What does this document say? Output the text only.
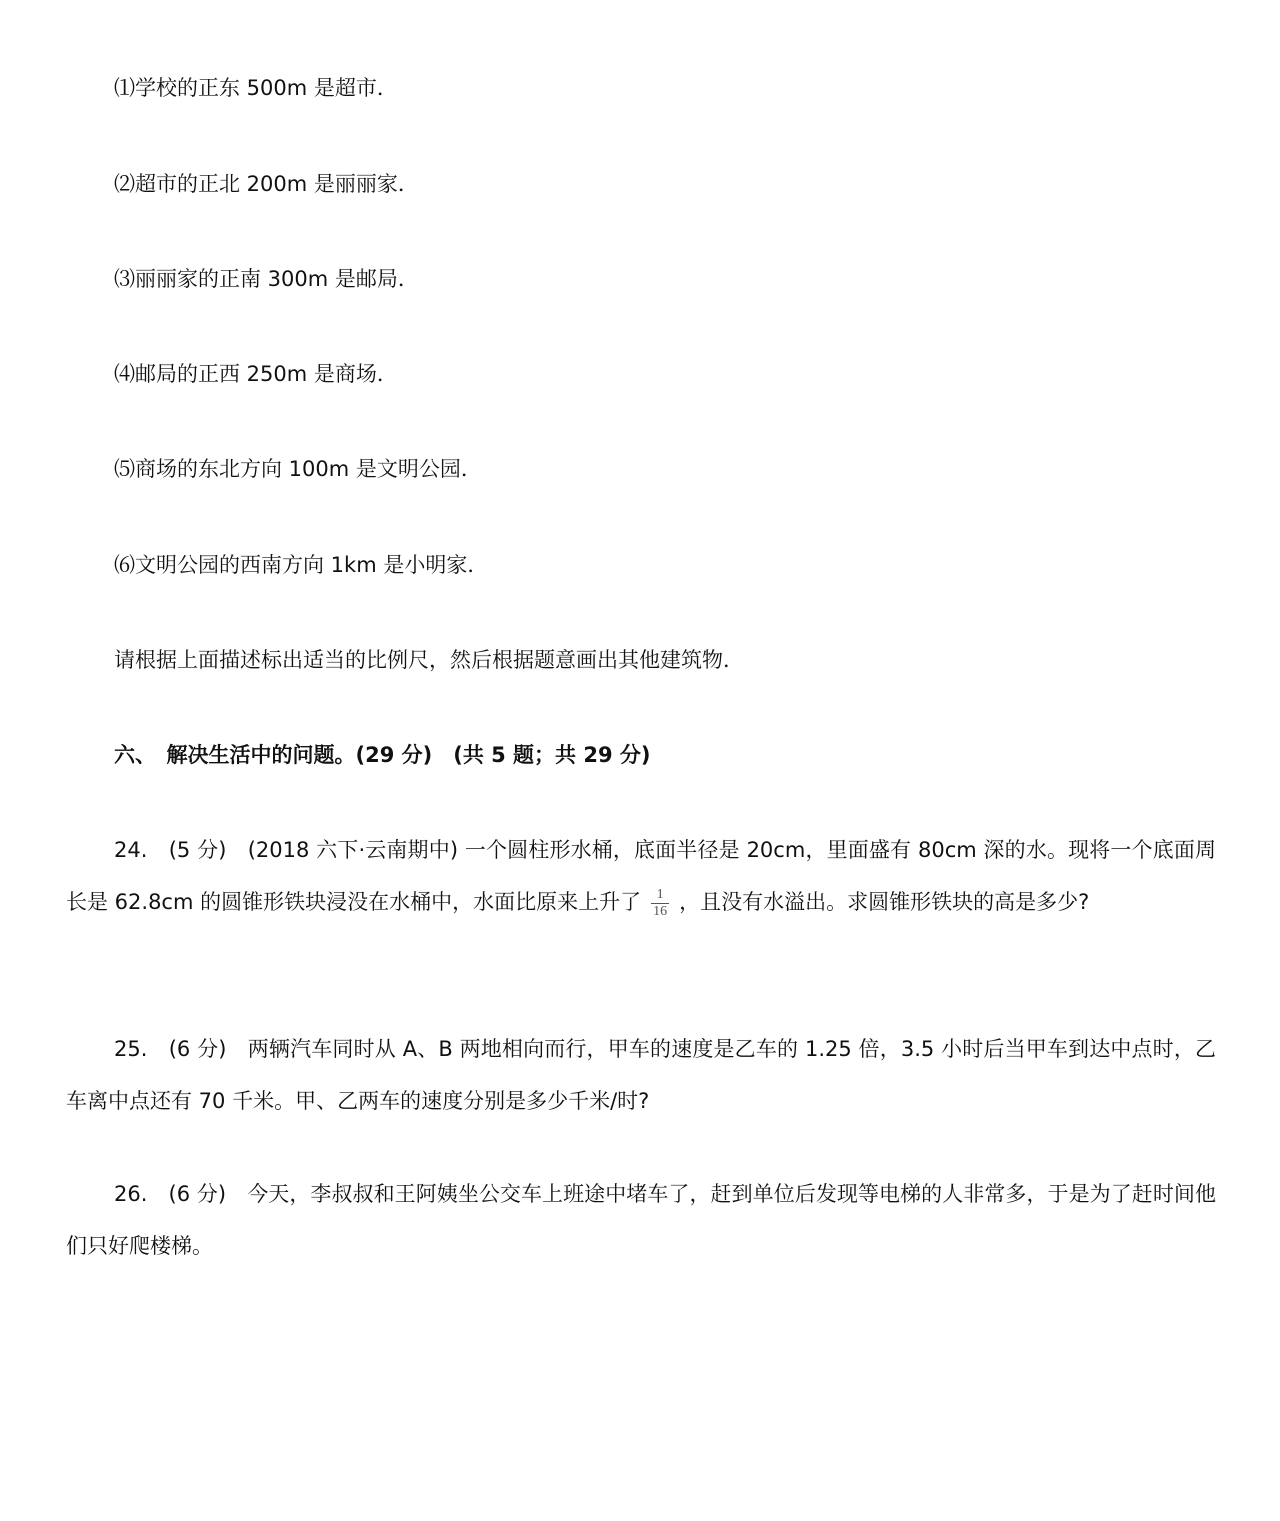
⑴学校的正东 500m 是超市．
⑵超市的正北 200m 是丽丽家．
⑶丽丽家的正南 300m 是邮局．
⑷邮局的正西 250m 是商场．
⑸商场的东北方向 100m 是文明公园．
⑹文明公园的西南方向 1km 是小明家．
请根据上面描述标出适当的比例尺，然后根据题意画出其他建筑物．
六、　解决生活中的问题。(29 分)　(共 5 题；共 29 分)
24.　(5 分)　(2018 六下·云南期中) 一个圆柱形水桶，底面半径是 20cm，里面盛有 80cm 深的水。现将一个底面周长是 62.8cm 的圆锥形铁块浸没在水桶中，水面比原来上升了 $\frac{1}{16}$ ，且没有水溢出。求圆锥形铁块的高是多少?
25.　(6 分)　两辆汽车同时从 A、B 两地相向而行，甲车的速度是乙车的 1.25 倍，3.5 小时后当甲车到达中点时，乙车离中点还有 70 千米。甲、乙两车的速度分别是多少千米/时?
26.　(6 分)　今天，李叔叔和王阿姨坐公交车上班途中堵车了，赶到单位后发现等电梯的人非常多，于是为了赶时间他们只好爬楼梯。
